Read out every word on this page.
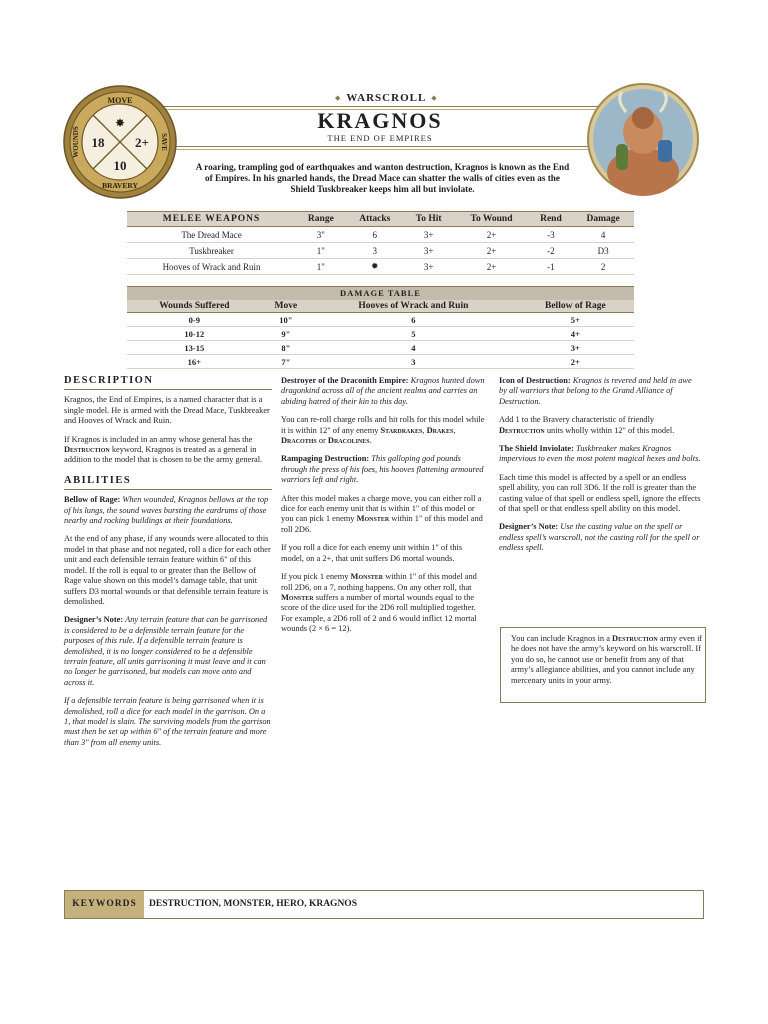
◆ WARSCROLL ◆
KRAGNOS
THE END OF EMPIRES
A roaring, trampling god of earthquakes and wanton destruction, Kragnos is known as the End of Empires. In his gnarled hands, the Dread Mace can shatter the walls of cities even as the Shield Tuskbreaker keeps him all but inviolate.
MOVE
BRAVERY
WOUNDS	SAVE
✸
18 2+
10
MELEE WEAPONS	Range	Attacks	To Hit	To Wound	Rend	Damage
The Dread Mace	3"	6	3+	2+	-3	4
Tuskbreaker	1"	3	3+	2+	-2	D3
Hooves of Wrack and Ruin	1"	✹	3+	2+	-1	2
DAMAGE TABLE
Wounds Suffered	Move	Hooves of Wrack and Ruin	Bellow of Rage
0-9	10"	6	5+
10-12	9"	5	4+
13-15	8"	4	3+
16+	7"	3	2+
DESCRIPTION

Kragnos, the End of Empires, is a named character that is a single model. He is armed with the Dread Mace, Tuskbreaker and Hooves of Wrack and Ruin.

If Kragnos is included in an army whose general has the Destruction keyword, Kragnos is treated as a general in addition to the model that is chosen to be the army general.

ABILITIES

Bellow of Rage: When wounded, Kragnos bellows at the top of his lungs, the sound waves bursting the eardrums of those nearby and rocking buildings at their foundations.

At the end of any phase, if any wounds were allocated to this model in that phase and not negated, roll a dice for each other unit and each defensible terrain feature within 6" of this model. If the roll is equal to or greater than the Bellow of Rage value shown on this model’s damage table, that unit suffers D3 mortal wounds or that defensible terrain feature is demolished.

Designer’s Note: Any terrain feature that can be garrisoned is considered to be a defensible terrain feature for the purposes of this rule. If a defensible terrain feature is demolished, it is no longer considered to be a defensible terrain feature, all units garrisoning it must leave and it can no longer be garrisoned, but models can move onto and across it.

If a defensible terrain feature is being garrisoned when it is demolished, roll a dice for each model in the garrison. On a 1, that model is slain. The surviving models from the garrison must then be set up within 6" of the terrain feature and more than 3" from all enemy units.

Destroyer of the Draconith Empire: Kragnos hunted down dragonkind across all of the ancient realms and carries an abiding hatred of their kin to this day.

You can re-roll charge rolls and hit rolls for this model while it is within 12" of any enemy Stardrakes, Drakes, Dracoths or Dracolines.

Rampaging Destruction: This galloping god pounds through the press of his foes, his hooves flattening armoured warriors left and right.

After this model makes a charge move, you can either roll a dice for each enemy unit that is within 1" of this model or you can pick 1 enemy Monster within 1" of this model and roll 2D6.

If you roll a dice for each enemy unit within 1" of this model, on a 2+, that unit suffers D6 mortal wounds.

If you pick 1 enemy Monster within 1" of this model and roll 2D6, on a 7, nothing happens. On any other roll, that Monster suffers a number of mortal wounds equal to the score of the dice used for the 2D6 roll multiplied together. For example, a 2D6 roll of 2 and 6 would inflict 12 mortal wounds (2 × 6 = 12).

Icon of Destruction: Kragnos is revered and held in awe by all warriors that belong to the Grand Alliance of Destruction.

Add 1 to the Bravery characteristic of friendly Destruction units wholly within 12" of this model.

The Shield Inviolate: Tuskbreaker makes Kragnos impervious to even the most potent magical hexes and bolts.

Each time this model is affected by a spell or an endless spell ability, you can roll 3D6. If the roll is greater than the casting value of that spell or endless spell, ignore the effects of that spell or that endless spell ability on this model.

Designer’s Note: Use the casting value on the spell or endless spell’s warscroll, not the casting roll for the spell or endless spell.

You can include Kragnos in a Destruction army even if he does not have the army’s keyword on his warscroll. If you do so, he cannot use or benefit from any of that army’s allegiance abilities, and you cannot include any mercenary units in your army.
KEYWORDS	DESTRUCTION, MONSTER, HERO, KRAGNOS
